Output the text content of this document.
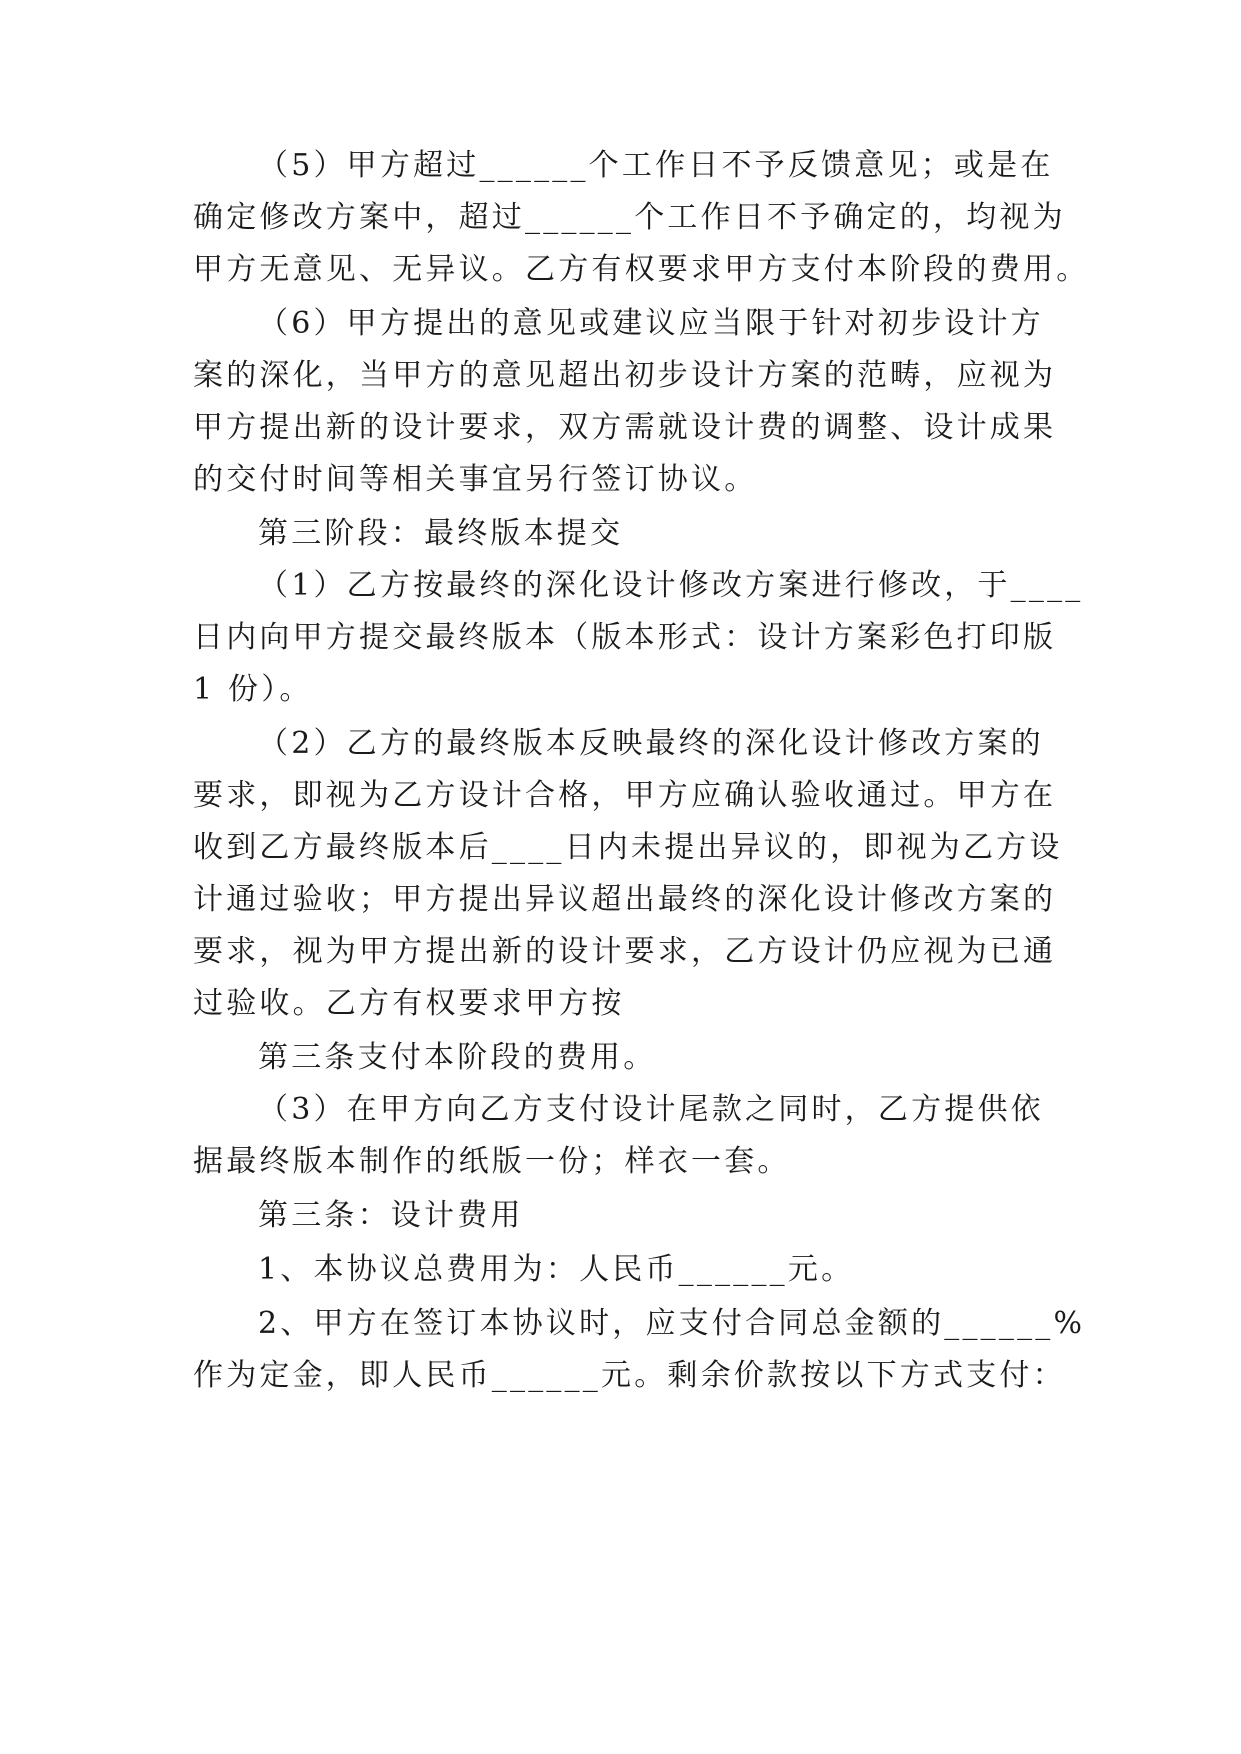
（5）甲方超过______个工作日不予反馈意见；或是在
确定修改方案中，超过______个工作日不予确定的，均视为
甲方无意见、无异议。乙方有权要求甲方支付本阶段的费用。
（6）甲方提出的意见或建议应当限于针对初步设计方
案的深化，当甲方的意见超出初步设计方案的范畴，应视为
甲方提出新的设计要求，双方需就设计费的调整、设计成果
的交付时间等相关事宜另行签订协议。
第三阶段：最终版本提交
（1）乙方按最终的深化设计修改方案进行修改，于____
日内向甲方提交最终版本（版本形式：设计方案彩色打印版
1 份）。
（2）乙方的最终版本反映最终的深化设计修改方案的
要求，即视为乙方设计合格，甲方应确认验收通过。甲方在
收到乙方最终版本后____日内未提出异议的，即视为乙方设
计通过验收；甲方提出异议超出最终的深化设计修改方案的
要求，视为甲方提出新的设计要求，乙方设计仍应视为已通
过验收。乙方有权要求甲方按
第三条支付本阶段的费用。
（3）在甲方向乙方支付设计尾款之同时，乙方提供依
据最终版本制作的纸版一份；样衣一套。
第三条：设计费用
1、本协议总费用为：人民币______元。
2、甲方在签订本协议时，应支付合同总金额的______%
作为定金，即人民币______元。剩余价款按以下方式支付：
